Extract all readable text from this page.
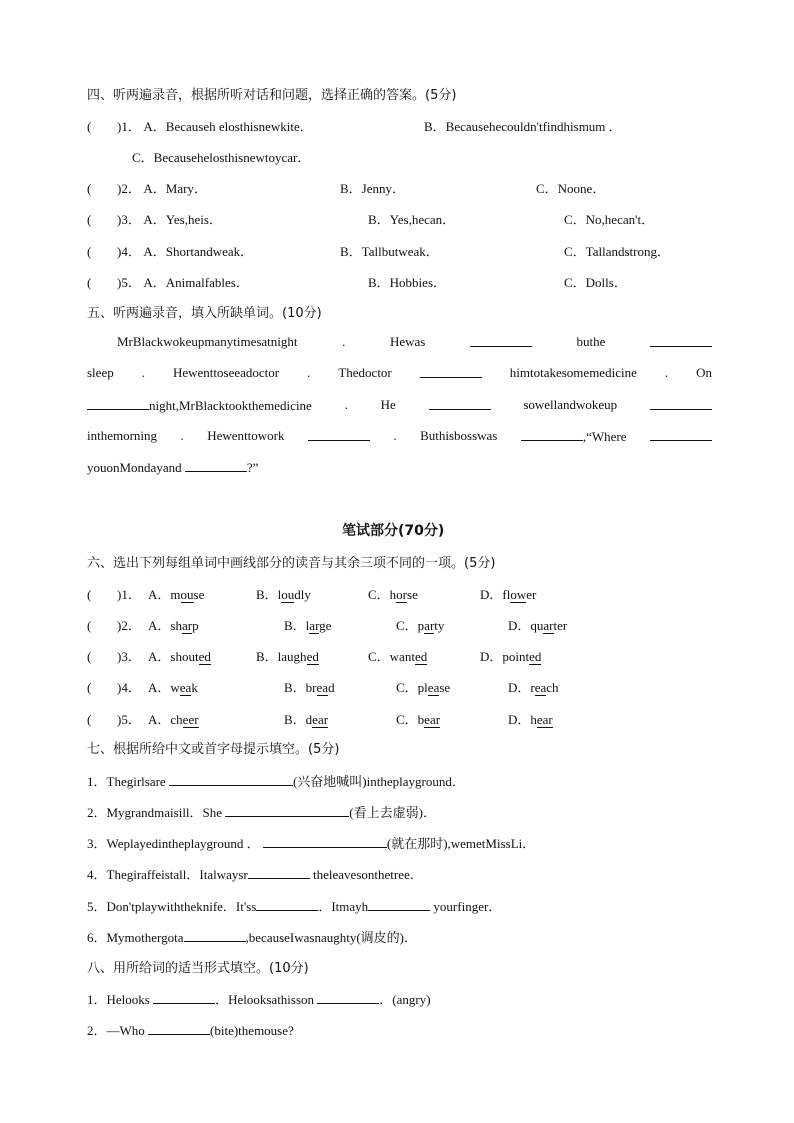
四、听两遍录音，根据所听对话和问题，选择正确的答案。(5分)
( )1． A．Becauseh elosthisnewkite．	B．Becausehecouldn'tfindhismum ．
C．Becausehelosthisnewtoycar．
( )2． A．Mary．	B．Jenny．	C．Noone．
( )3． A．Yes,heis．	B．Yes,hecan．	C．No,hecan't．
( )4． A．Shortandweak．	B．Tallbutweak．	C．Tallandstrong．
( )5． A．Animalfables．	B．Hobbies．	C．Dolls．
五、听两遍录音，填入所缺单词。(10分)
MrBlackwokeupmanytimesatnight	.	Hewas	buthe
sleep . Hewenttoseeadoctor . Thedoctor	himtotakesomemedicine . On
night,MrBlacktookthemedicine	.	He	sowellandwokeup
inthemorning . Hewenttowork	. Buthisbosswas	,“Where
youonMondayand	?”
笔试部分(70分)
六、选出下列每组单词中画线部分的读音与其余三项不同的一项。(5分)
( )1． A．mouse	B．loudly	C．horse	D．flower
( )2． A．sharp	B．large	C．party	D．quarter
( )3． A．shouted	B．laughed	C．wanted	D．pointed
( )4． A．weak	B．bread	C．please	D．reach
( )5． A．cheer	B．dear	C．bear	D．hear
七、根据所给中文或首字母提示填空。(5分)
1．Thegirlsare	(兴奋地喊叫)intheplayground．
2．Mygrandmaisill．She	(看上去虚弱)．
3．Weplayedintheplayground ．	(就在那时),wemetMissLi．
4．Thegiraffeistall．Italwaysr	theleavesonthetree．
5．Don'tplaywiththeknife．It'ss	．Itmayh	yourfinger．
6．Mymothergota	,becauseIwasnaughty(调皮的)．
八、用所给词的适当形式填空。(10分)
1．Helooks	．Helooksathisson	．(angry)
2．—Who	(bite)themouse?
